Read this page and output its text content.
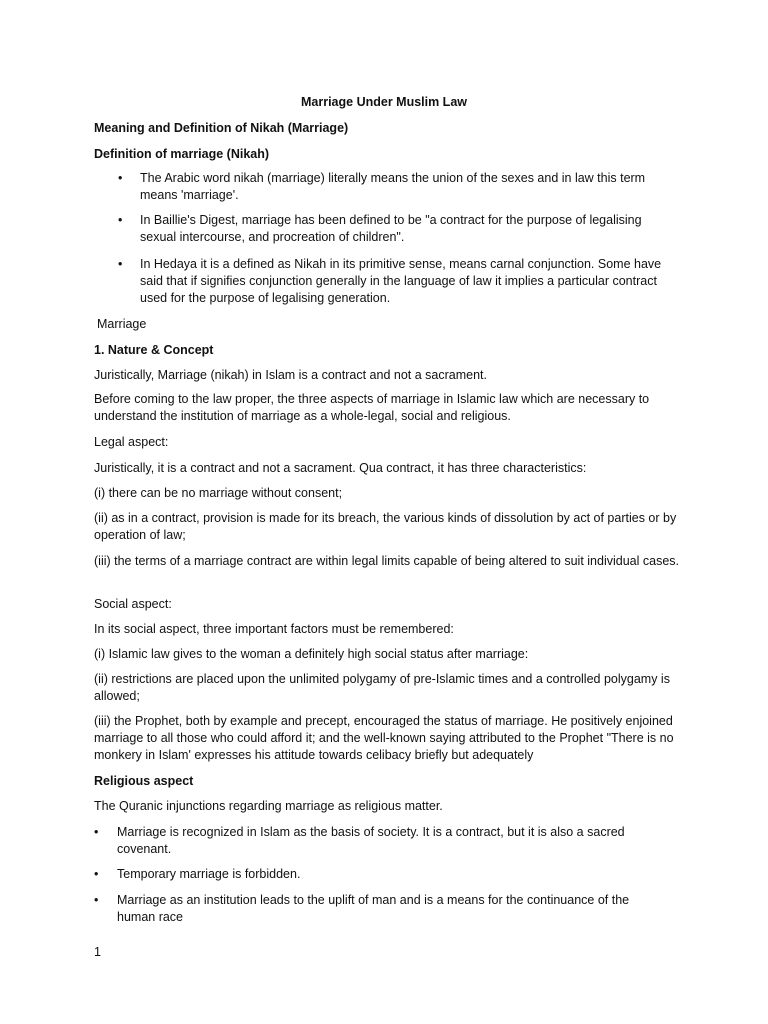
Marriage Under Muslim Law

Meaning and Definition of Nikah (Marriage)

Definition of marriage (Nikah)

•	The Arabic word nikah (marriage) literally means the union of the sexes and in law this term means 'marriage'.
•	In Baillie's Digest, marriage has been defined to be "a contract for the purpose of legalising sexual intercourse, and procreation of children".
•	In Hedaya it is a defined as Nikah in its primitive sense, means carnal conjunction. Some have said that if signifies conjunction generally in the language of law it implies a particular contract used for the purpose of legalising generation.

Marriage

1. Nature & Concept

Juristically, Marriage (nikah) in Islam is a contract and not a sacrament.

Before coming to the law proper, the three aspects of marriage in Islamic law which are necessary to understand the institution of marriage as a whole-legal, social and religious.

Legal aspect:

Juristically, it is a contract and not a sacrament. Qua contract, it has three characteristics:

(i) there can be no marriage without consent;

(ii) as in a contract, provision is made for its breach, the various kinds of dissolution by act of parties or by operation of law;

(iii) the terms of a marriage contract are within legal limits capable of being altered to suit individual cases.

Social aspect:

In its social aspect, three important factors must be remembered:

(i) Islamic law gives to the woman a definitely high social status after marriage:

(ii) restrictions are placed upon the unlimited polygamy of pre-Islamic times and a controlled polygamy is allowed;

(iii) the Prophet, both by example and precept, encouraged the status of marriage. He positively enjoined marriage to all those who could afford it; and the well-known saying attributed to the Prophet "There is no monkery in Islam' expresses his attitude towards celibacy briefly but adequately

Religious aspect

The Quranic injunctions regarding marriage as religious matter.

•	Marriage is recognized in Islam as the basis of society. It is a contract, but it is also a sacred covenant.
•	Temporary marriage is forbidden.
•	Marriage as an institution leads to the uplift of man and is a means for the continuance of the human race
1
